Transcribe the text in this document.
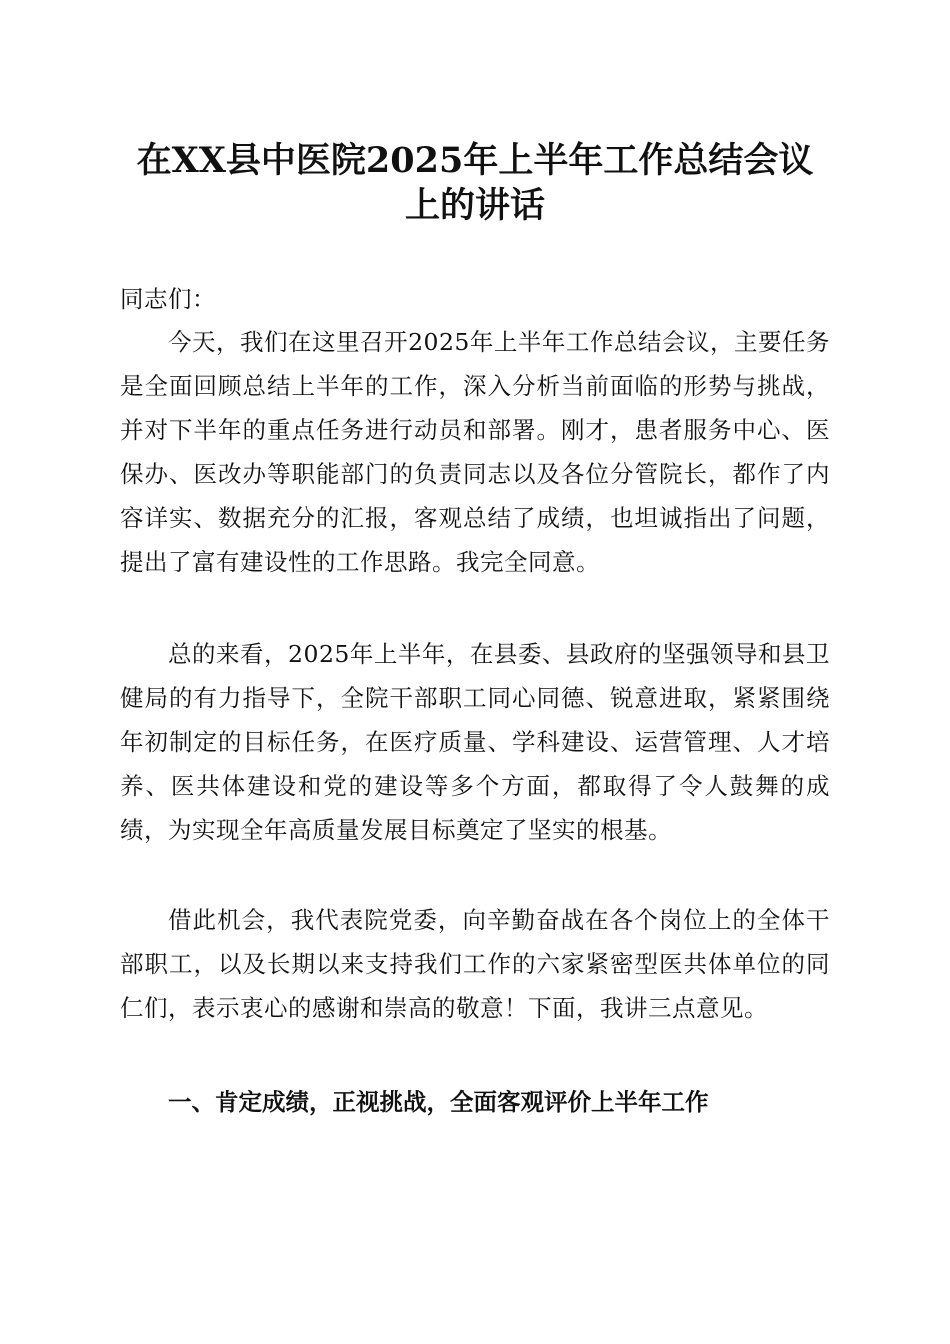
在XX县中医院2025年上半年工作总结会议
上的讲话
同志们：

今天，我们在这里召开2025年上半年工作总结会议，主要任务是全面回顾总结上半年的工作，深入分析当前面临的形势与挑战，并对下半年的重点任务进行动员和部署。刚才，患者服务中心、医保办、医改办等职能部门的负责同志以及各位分管院长，都作了内容详实、数据充分的汇报，客观总结了成绩，也坦诚指出了问题，提出了富有建设性的工作思路。我完全同意。

总的来看，2025年上半年，在县委、县政府的坚强领导和县卫健局的有力指导下，全院干部职工同心同德、锐意进取，紧紧围绕年初制定的目标任务，在医疗质量、学科建设、运营管理、人才培养、医共体建设和党的建设等多个方面，都取得了令人鼓舞的成绩，为实现全年高质量发展目标奠定了坚实的根基。

借此机会，我代表院党委，向辛勤奋战在各个岗位上的全体干部职工，以及长期以来支持我们工作的六家紧密型医共体单位的同仁们，表示衷心的感谢和崇高的敬意！下面，我讲三点意见。

一、肯定成绩，正视挑战，全面客观评价上半年工作
